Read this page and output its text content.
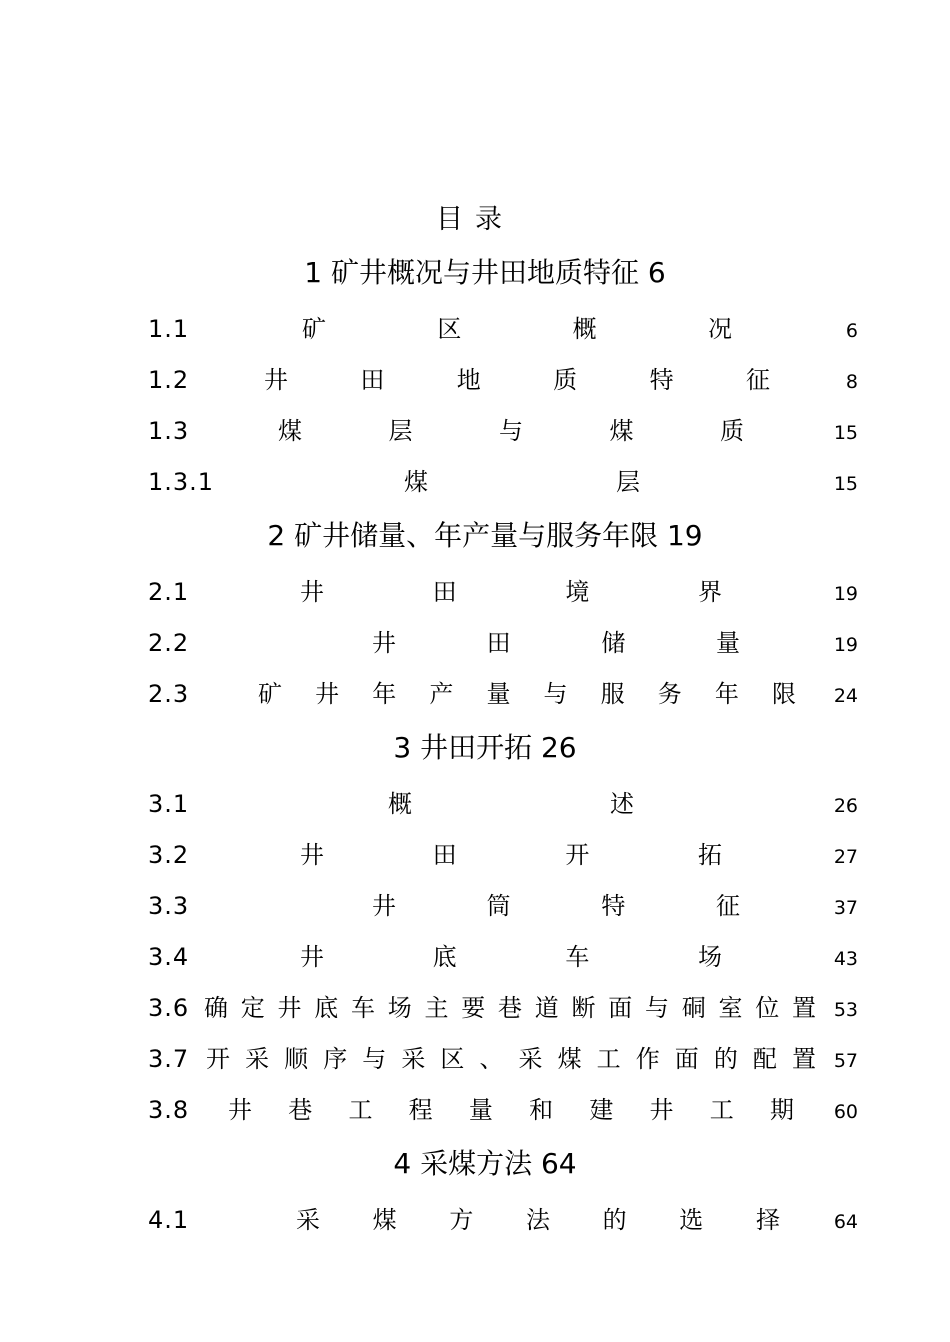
目录
1 矿井概况与井田地质特征 6
1.1	矿	区	概	况	6
1.2	井	田	地	质	特	征	8
1.3	煤	层	与	煤	质	15
1.3.1	煤	层	15
2 矿井储量、年产量与服务年限 19
2.1	井	田	境	界	19
2.2	井	田	储	量	19
2.3	矿 井 年 产 量 与 服 务 年 限 24
3 井田开拓 26
3.1	概	述	26
3.2	井	田	开	拓	27
3.3	井	筒	特	征	37
3.4	井	底	车	场	43
3.6 确 定 井 底 车 场 主 要 巷 道 断 面 与 硐 室 位 置 53
3.7 开 采 顺 序 与 采 区 、 采 煤 工 作 面 的 配 置 57
3.8 井 巷 工 程 量 和 建 井 工 期 60
4 采煤方法 64
4.1	采 煤 方 法 的 选 择	64
